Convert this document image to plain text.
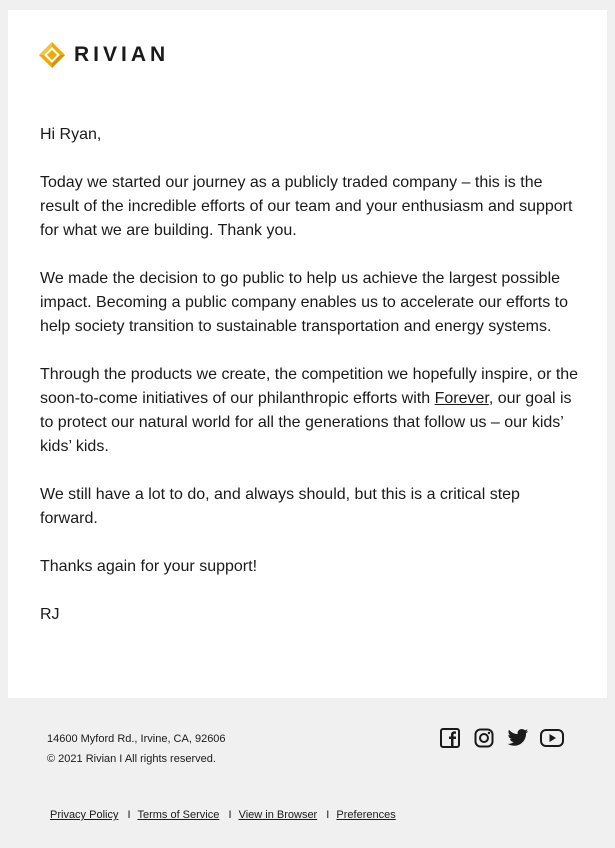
RIVIAN

Hi Ryan,

Today we started our journey as a publicly traded company – this is the result of the incredible efforts of our team and your enthusiasm and support for what we are building. Thank you.

We made the decision to go public to help us achieve the largest possible impact. Becoming a public company enables us to accelerate our efforts to help society transition to sustainable transportation and energy systems.

Through the products we create, the competition we hopefully inspire, or the soon-to-come initiatives of our philanthropic efforts with Forever, our goal is to protect our natural world for all the generations that follow us – our kids’ kids’ kids.

We still have a lot to do, and always should, but this is a critical step forward.

Thanks again for your support!

RJ

14600 Myford Rd., Irvine, CA, 92606
© 2021 Rivian I All rights reserved.
Privacy Policy I Terms of Service I View in Browser I Preferences
